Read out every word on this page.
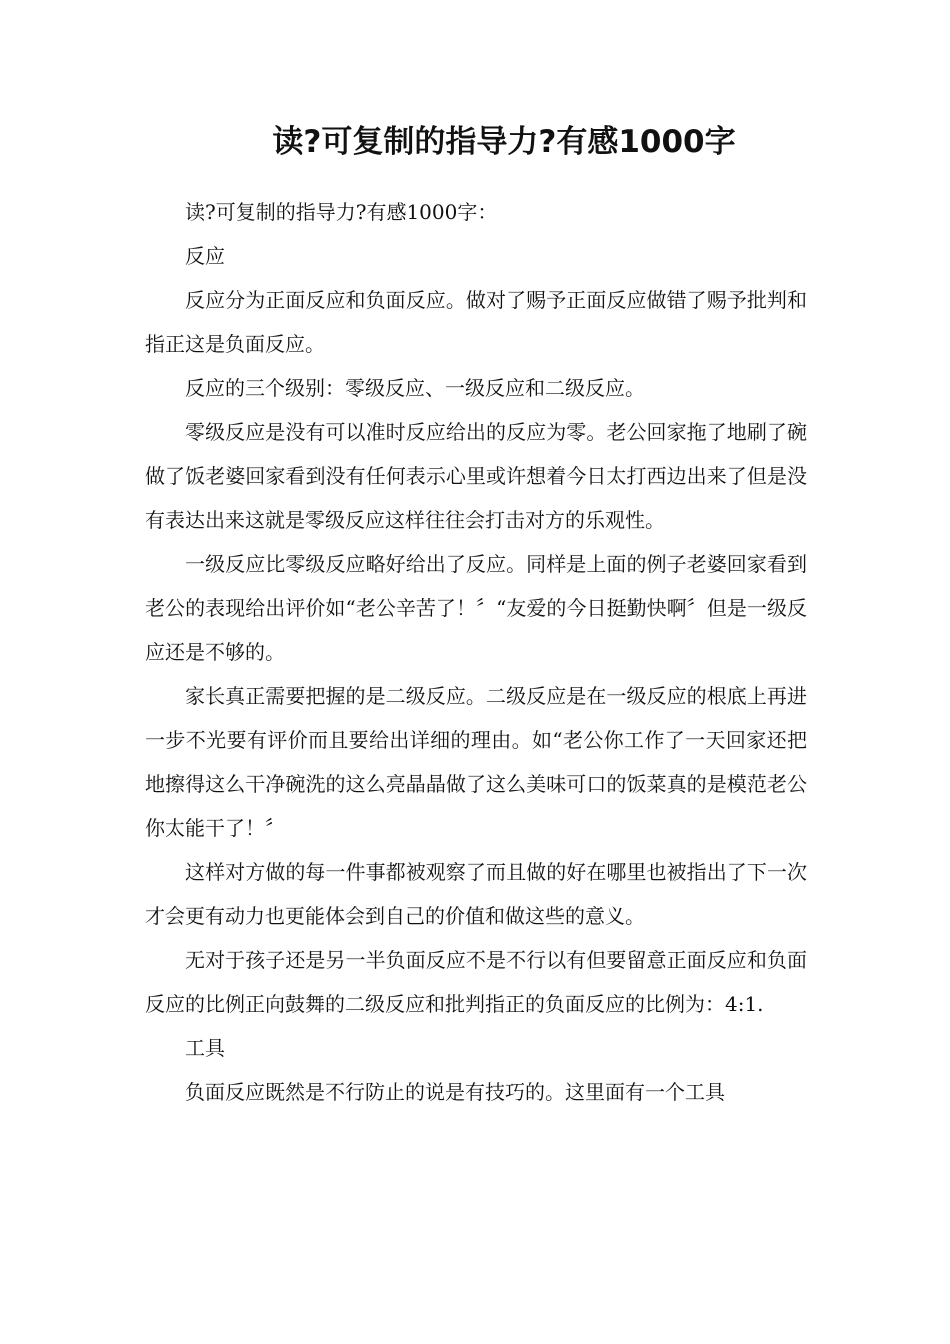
读?可复制的指导力?有感1000字

读?可复制的指导力?有感1000字：

反应

反应分为正面反应和负面反应。做对了赐予正面反应做错了赐予批判和指正这是负面反应。

反应的三个级别：零级反应、一级反应和二级反应。

零级反应是没有可以准时反应给出的反应为零。老公回家拖了地刷了碗做了饭老婆回家看到没有任何表示心里或许想着今日太打西边出来了但是没有表达出来这就是零级反应这样往往会打击对方的乐观性。

一级反应比零级反应略好给出了反应。同样是上面的例子老婆回家看到老公的表现给出评价如“老公辛苦了！〞“友爱的今日挺勤快啊〞但是一级反应还是不够的。

家长真正需要把握的是二级反应。二级反应是在一级反应的根底上再进一步不光要有评价而且要给出详细的理由。如“老公你工作了一天回家还把地擦得这么干净碗洗的这么亮晶晶做了这么美味可口的饭菜真的是模范老公你太能干了！〞

这样对方做的每一件事都被观察了而且做的好在哪里也被指出了下一次才会更有动力也更能体会到自己的价值和做这些的意义。

无对于孩子还是另一半负面反应不是不行以有但要留意正面反应和负面反应的比例正向鼓舞的二级反应和批判指正的负面反应的比例为：4:1.

工具

负面反应既然是不行防止的说是有技巧的。这里面有一个工具
